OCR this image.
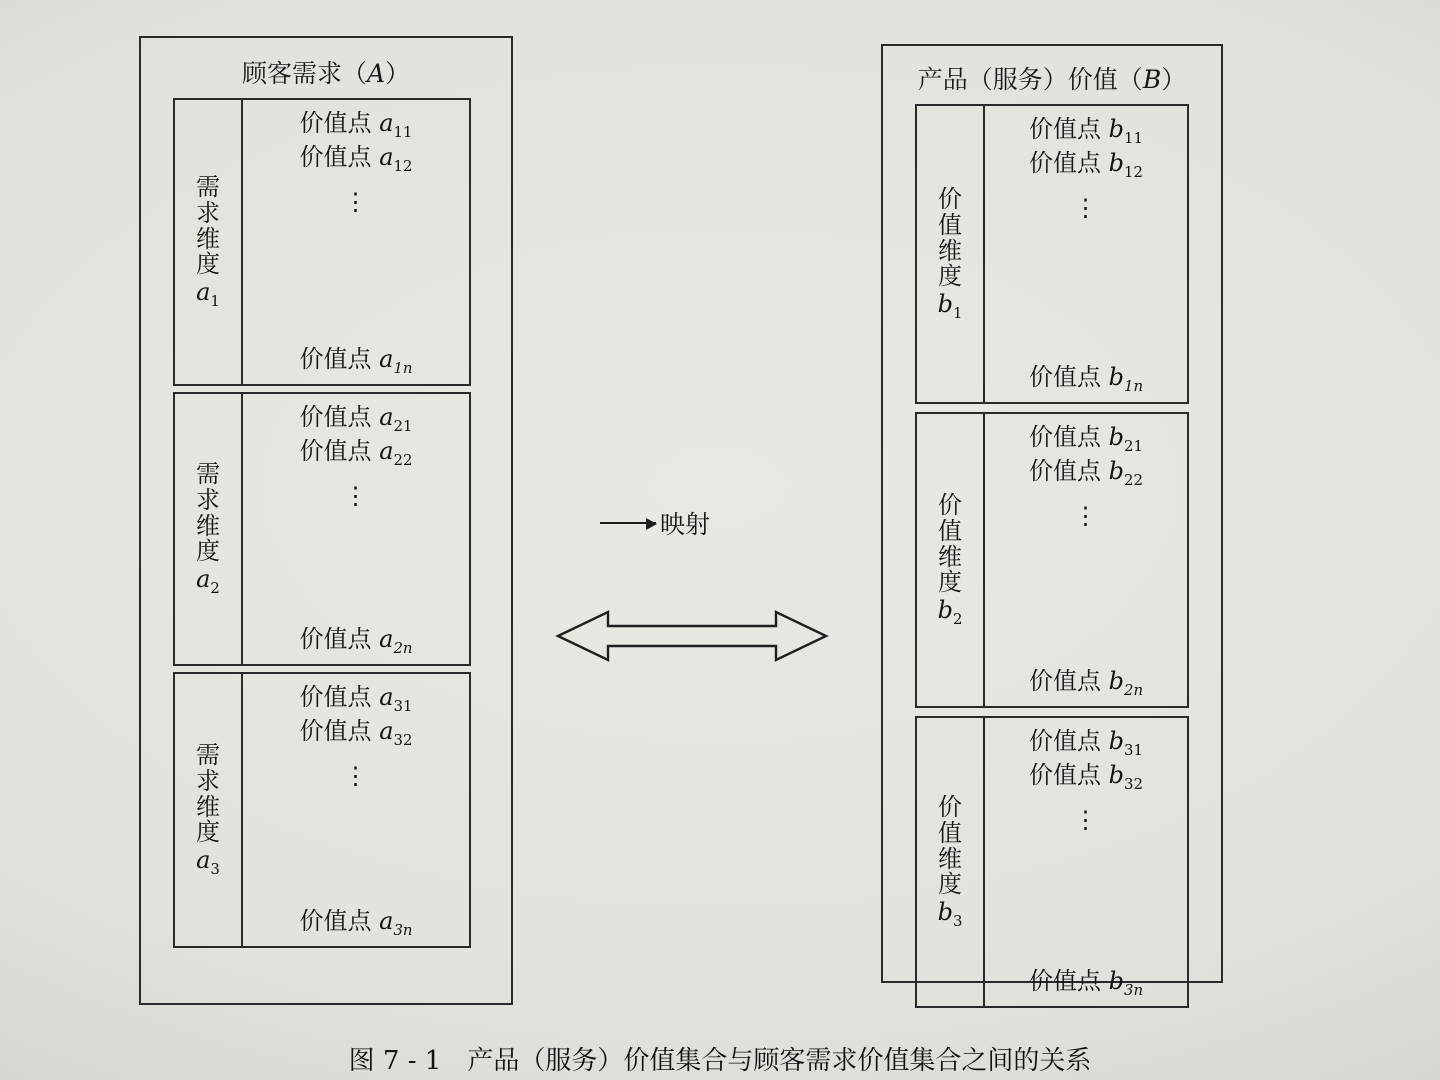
顾客需求（A）
需
求
维
度
$a_1$
价值点 $a_{11}$
价值点 $a_{12}$
⋮
价值点 $a_{1n}$
需
求
维
度
$a_2$
价值点 $a_{21}$
价值点 $a_{22}$
⋮
价值点 $a_{2n}$
需
求
维
度
$a_3$
价值点 $a_{31}$
价值点 $a_{32}$
⋮
价值点 $a_{3n}$
产品（服务）价值（B）
价
值
维
度
$b_1$
价值点 $b_{11}$
价值点 $b_{12}$
⋮
价值点 $b_{1n}$
价
值
维
度
$b_2$
价值点 $b_{21}$
价值点 $b_{22}$
⋮
价值点 $b_{2n}$
价
值
维
度
$b_3$
价值点 $b_{31}$
价值点 $b_{32}$
⋮
价值点 $b_{3n}$
映射
图 7 - 1　产品（服务）价值集合与顾客需求价值集合之间的关系
